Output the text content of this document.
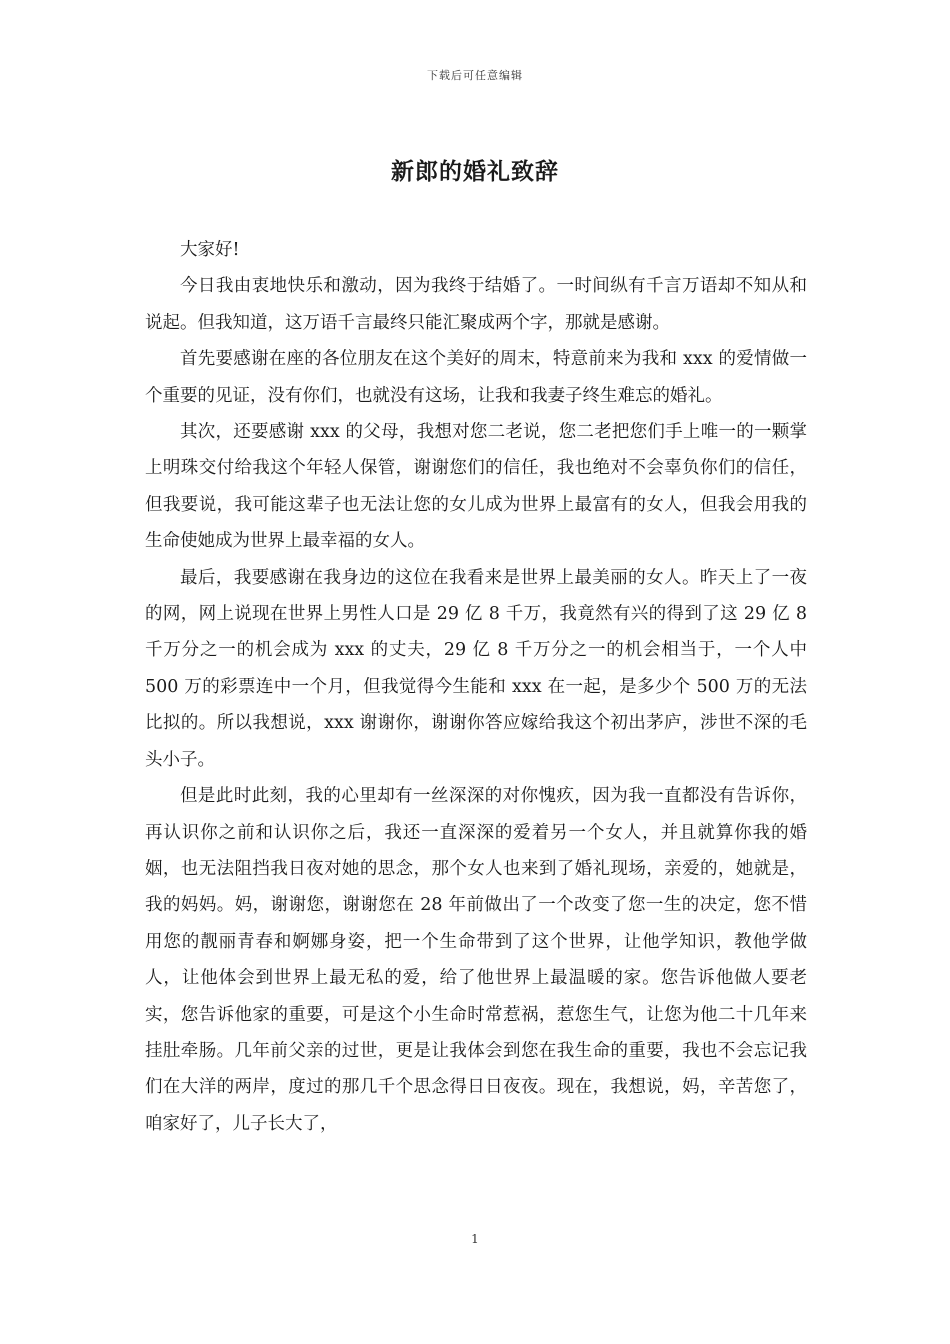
下载后可任意编辑
新郎的婚礼致辞

大家好!

今日我由衷地快乐和激动，因为我终于结婚了。一时间纵有千言万语却不知从和说起。但我知道，这万语千言最终只能汇聚成两个字，那就是感谢。

首先要感谢在座的各位朋友在这个美好的周末，特意前来为我和 xxx 的爱情做一个重要的见证，没有你们，也就没有这场，让我和我妻子终生难忘的婚礼。

其次，还要感谢 xxx 的父母，我想对您二老说，您二老把您们手上唯一的一颗掌上明珠交付给我这个年轻人保管，谢谢您们的信任，我也绝对不会辜负你们的信任，但我要说，我可能这辈子也无法让您的女儿成为世界上最富有的女人，但我会用我的生命使她成为世界上最幸福的女人。

最后，我要感谢在我身边的这位在我看来是世界上最美丽的女人。昨天上了一夜的网，网上说现在世界上男性人口是 29 亿 8 千万，我竟然有兴的得到了这 29 亿 8 千万分之一的机会成为 xxx 的丈夫，29 亿 8 千万分之一的机会相当于，一个人中 500 万的彩票连中一个月，但我觉得今生能和 xxx 在一起，是多少个 500 万的无法比拟的。所以我想说，xxx 谢谢你，谢谢你答应嫁给我这个初出茅庐，涉世不深的毛头小子。

但是此时此刻，我的心里却有一丝深深的对你愧疚，因为我一直都没有告诉你，再认识你之前和认识你之后，我还一直深深的爱着另一个女人，并且就算你我的婚姻，也无法阻挡我日夜对她的思念，那个女人也来到了婚礼现场，亲爱的，她就是，我的妈妈。妈，谢谢您，谢谢您在 28 年前做出了一个改变了您一生的决定，您不惜用您的靓丽青春和婀娜身姿，把一个生命带到了这个世界，让他学知识，教他学做人，让他体会到世界上最无私的爱，给了他世界上最温暖的家。您告诉他做人要老实，您告诉他家的重要，可是这个小生命时常惹祸，惹您生气，让您为他二十几年来挂肚牵肠。几年前父亲的过世，更是让我体会到您在我生命的重要，我也不会忘记我们在大洋的两岸，度过的那几千个思念得日日夜夜。现在，我想说，妈，辛苦您了，咱家好了，儿子长大了，

1
